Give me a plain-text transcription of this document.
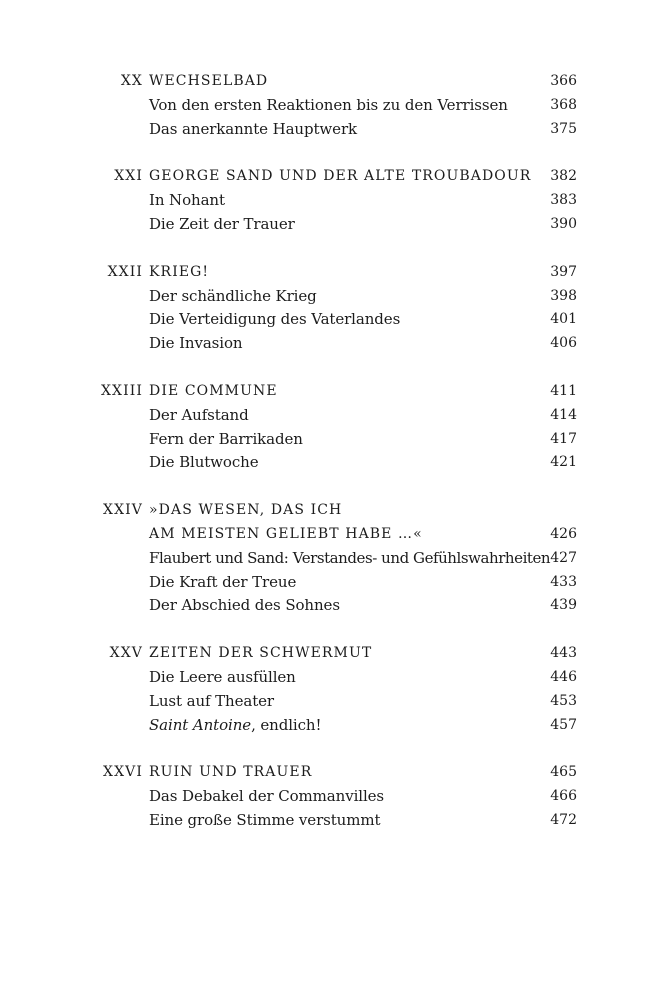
XX WECHSELBAD	366
Von den ersten Reaktionen bis zu den Verrissen	368
Das anerkannte Hauptwerk	375
XXI GEORGE SAND UND DER ALTE TROUBADOUR 382
In Nohant	383
Die Zeit der Trauer	390
XXII KRIEG!	397
Der schändliche Krieg	398
Die Verteidigung des Vaterlandes	401
Die Invasion	406
XXIII DIE COMMUNE	411
Der Aufstand	414
Fern der Barrikaden	417
Die Blutwoche	421
XXIV »DAS WESEN, DAS ICH
AM MEISTEN GELIEBT HABE …«	426
Flaubert und Sand: Verstandes- und Gefühlswahrheiten 427
Die Kraft der Treue	433
Der Abschied des Sohnes	439
XXV ZEITEN DER SCHWERMUT	443
Die Leere ausfüllen	446
Lust auf Theater	453
Saint Antoine, endlich!	457
XXVI RUIN UND TRAUER	465
Das Debakel der Commanvilles	466
Eine große Stimme verstummt	472
